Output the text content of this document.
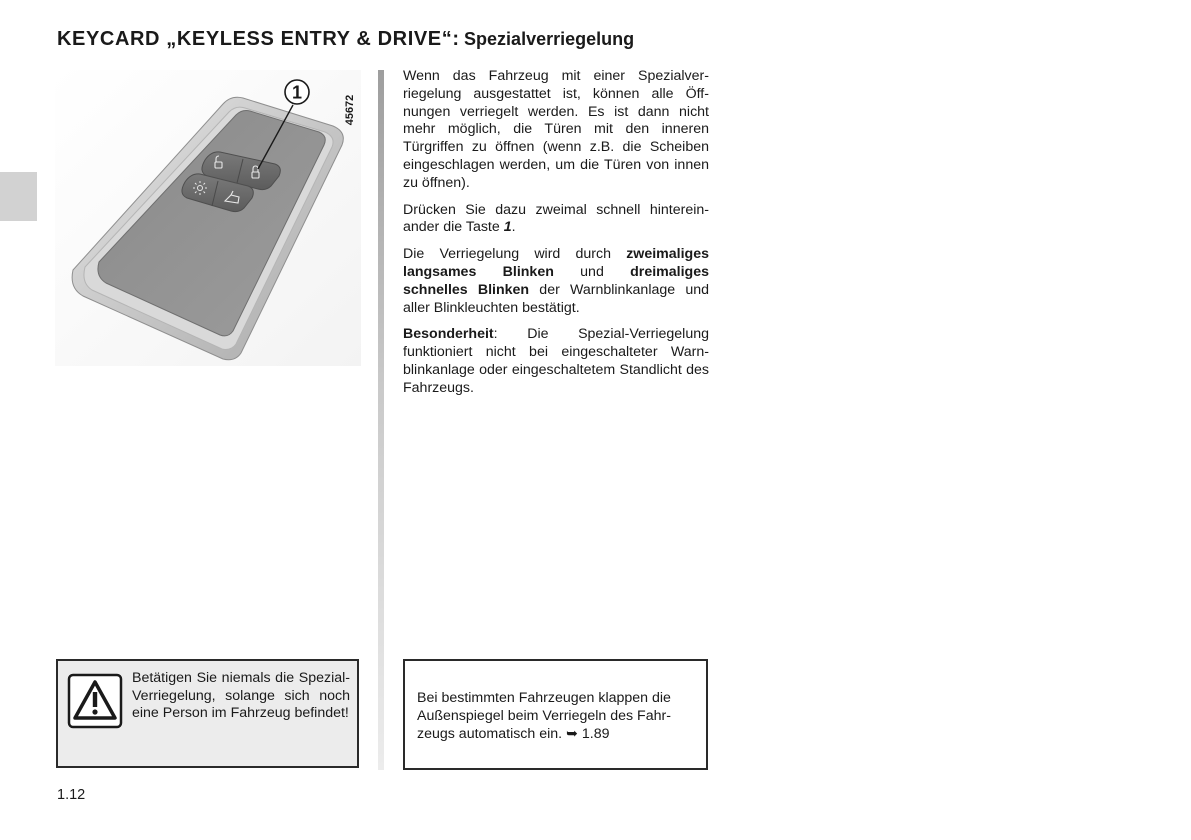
KEYCARD „KEYLESS ENTRY & DRIVE“: Spezialverriegelung
1
45672

Wenn das Fahrzeug mit einer Spezialverriegelung ausgestattet ist, können alle Öffnungen verriegelt werden. Es ist dann nicht mehr möglich, die Türen mit den inneren Türgriffen zu öffnen (wenn z.B. die Scheiben eingeschlagen werden, um die Türen von innen zu öffnen).

Drücken Sie dazu zweimal schnell hintereinander die Taste 1.

Die Verriegelung wird durch zweimaliges langsames Blinken und dreimaliges schnelles Blinken der Warnblinkanlage und aller Blinkleuchten bestätigt.

Besonderheit: Die Spezial-Verriegelung funktioniert nicht bei eingeschalteter Warnblinkanlage oder eingeschaltetem Standlicht des Fahrzeugs.

Betätigen Sie niemals die Spezial-Verriegelung, solange sich noch eine Person im Fahrzeug befindet!
Bei bestimmten Fahrzeugen klappen die Außenspiegel beim Verriegeln des Fahrzeugs automatisch ein. ➥ 1.89
1.12
